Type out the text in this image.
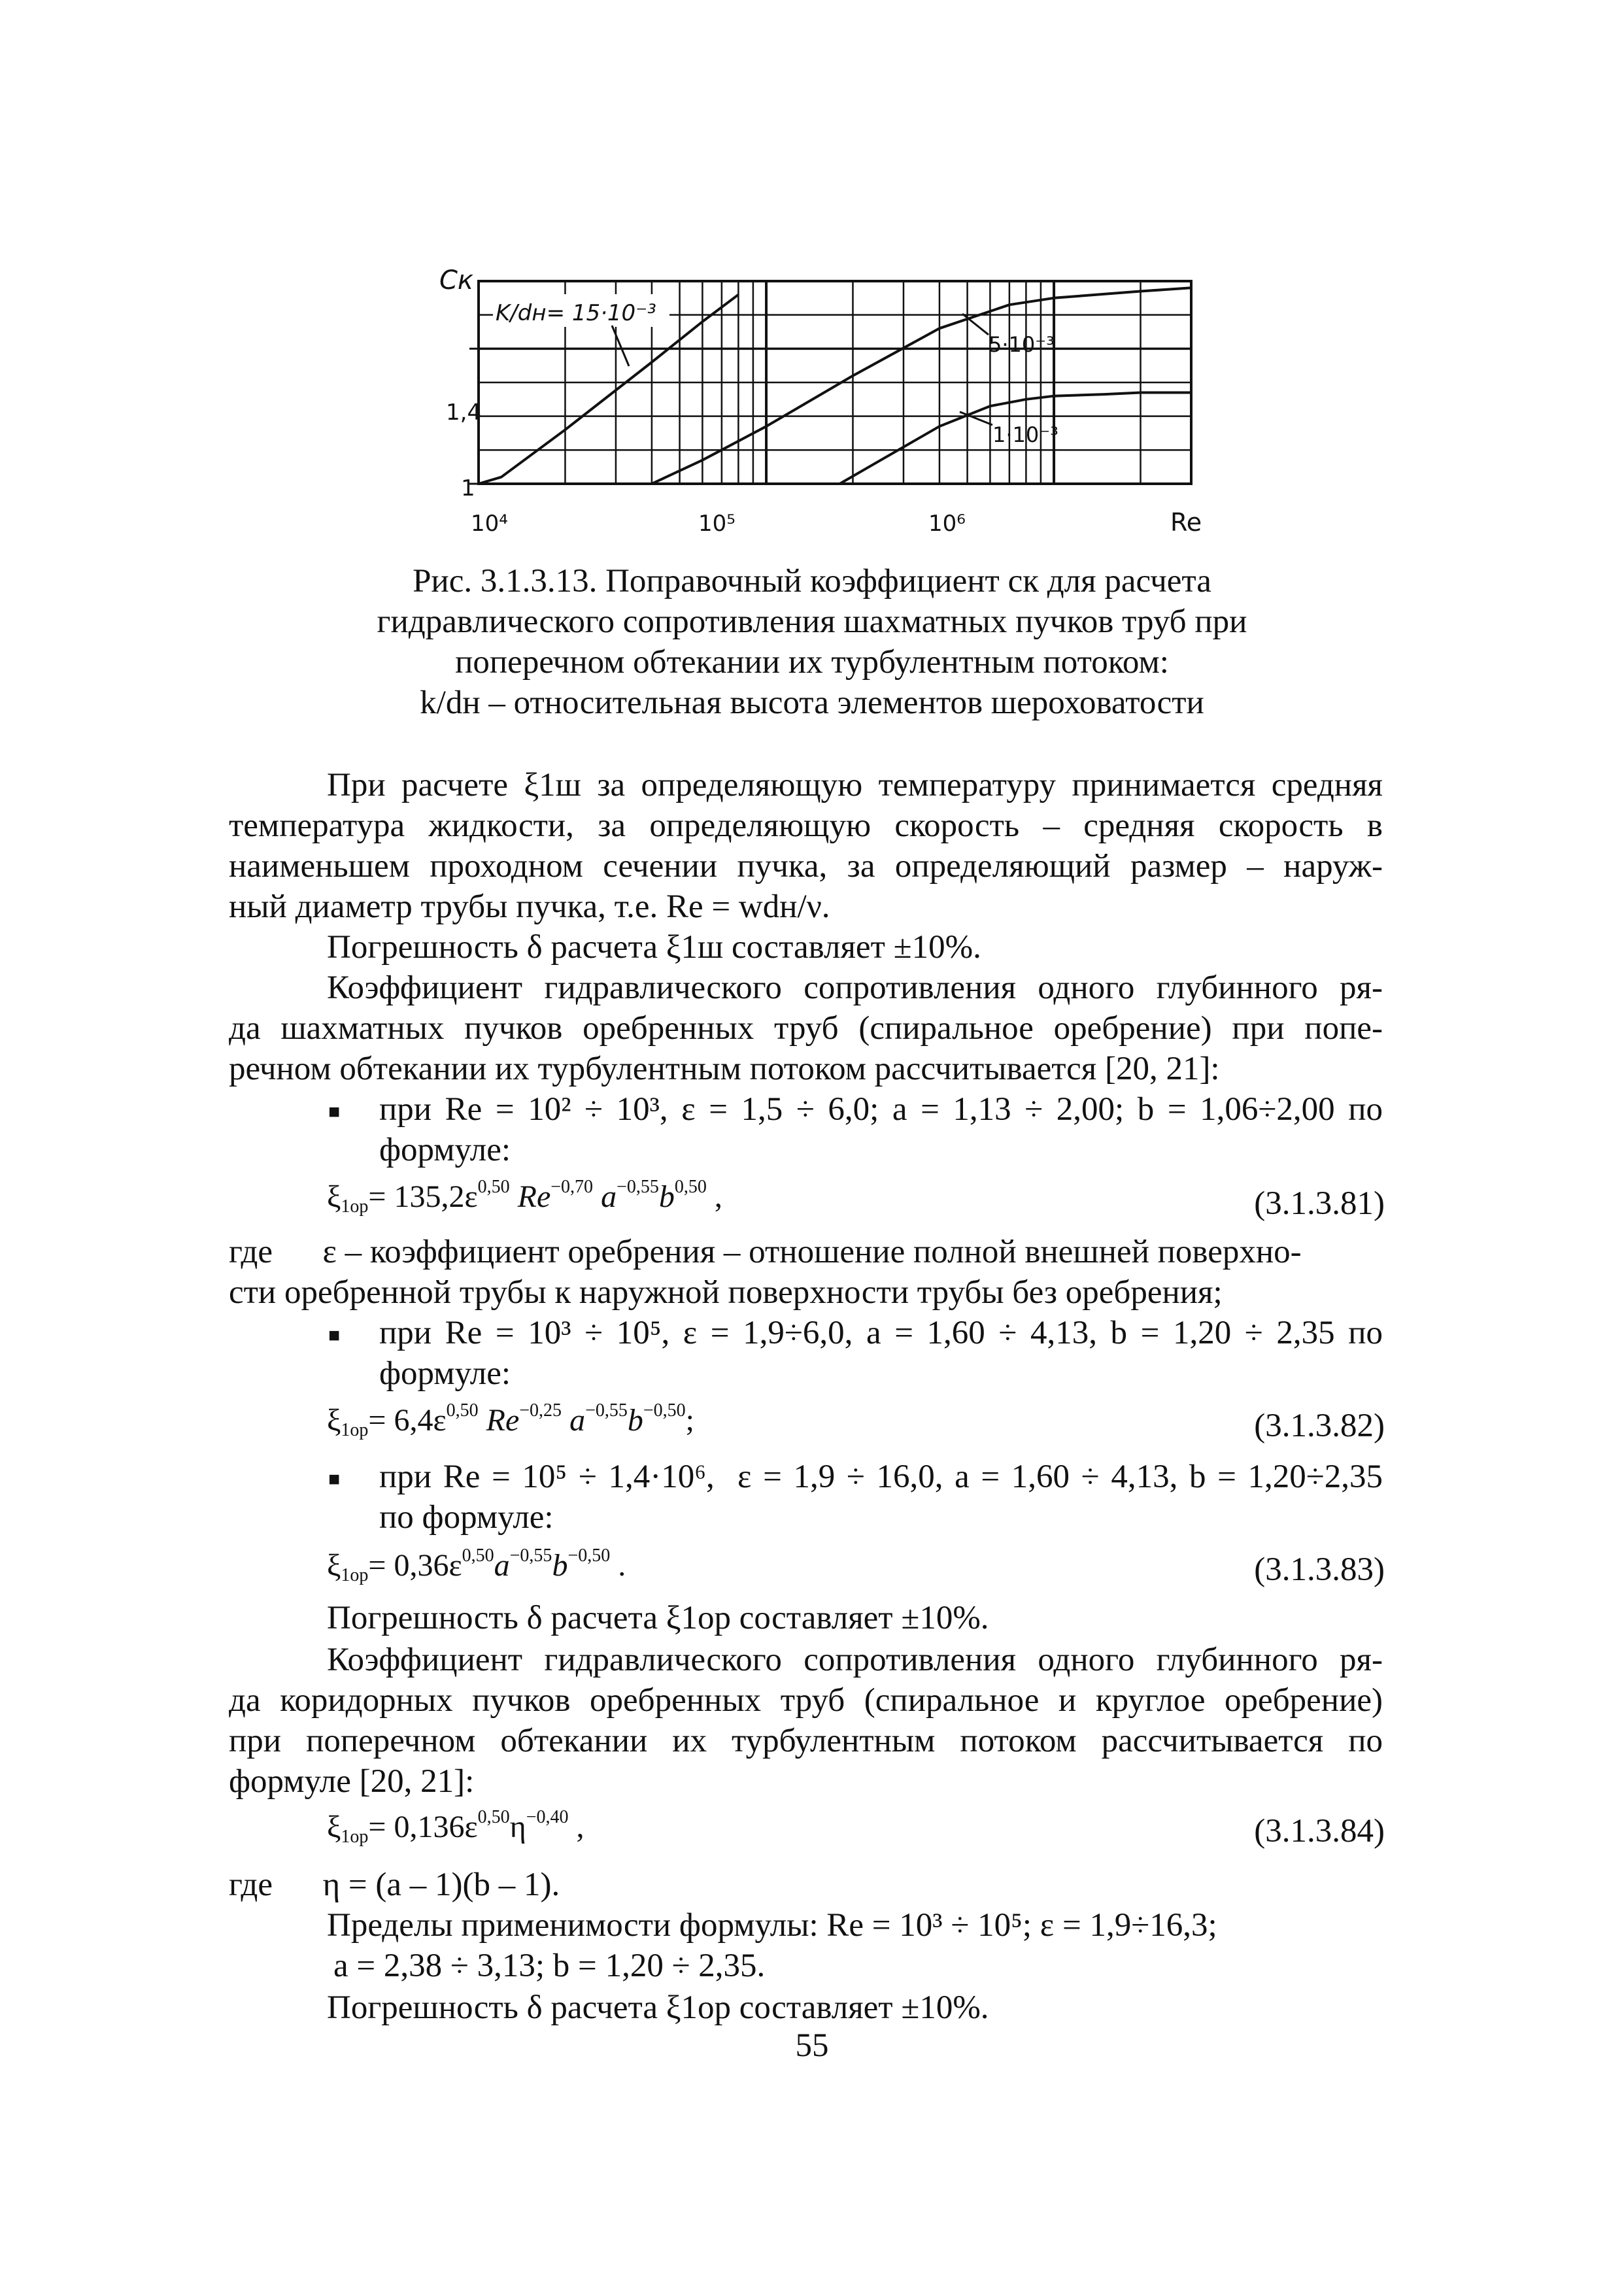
Cк
1,4
1
10⁴	10⁵	10⁶	Re
K/dн= 15·10⁻³
5·10⁻³
1·10⁻³
Рис. 3.1.3.13. Поправочный коэффициент cк для расчета
гидравлического сопротивления шахматных пучков труб при
поперечном обтекании их турбулентным потоком:
k/dн – относительная высота элементов шероховатости
При расчете ξ1ш за определяющую температуру принимается средняя
температура жидкости, за определяющую скорость – средняя скорость в
наименьшем проходном сечении пучка, за определяющий размер – наруж-
ный диаметр трубы пучка, т.е. Re = wdн/ν.
Погрешность δ расчета ξ1ш составляет ±10%.
Коэффициент гидравлического сопротивления одного глубинного ря-
да шахматных пучков оребренных труб (спиральное оребрение) при попе-
речном обтекании их турбулентным потоком рассчитывается [20, 21]:
■ при Re = 10² ÷ 10³, ε = 1,5 ÷ 6,0; a = 1,13 ÷ 2,00; b = 1,06÷2,00 по
формуле:
$\xi_{1ор}= 135,2\varepsilon^{0,50}$ $Re^{-0,70}$ $a^{-0,55}b^{0,50}$ ,	(3.1.3.81)
где      ε – коэффициент оребрения – отношение полной внешней поверхно-
сти оребренной трубы к наружной поверхности трубы без оребрения;
■ при Re = 10³ ÷ 10⁵, ε = 1,9÷6,0, a = 1,60 ÷ 4,13, b = 1,20 ÷ 2,35 по
формуле:
$\xi_{1ор}= 6,4\varepsilon^{0,50}$ $Re^{-0,25}$ $a^{-0,55}b^{-0,50}$;	(3.1.3.82)
■ при Re = 10⁵ ÷ 1,4·10⁶,  ε = 1,9 ÷ 16,0, a = 1,60 ÷ 4,13, b = 1,20÷2,35
по формуле:
$\xi_{1ор}= 0,36\varepsilon^{0,50}a^{-0,55}b^{-0,50}$ .	(3.1.3.83)
Погрешность δ расчета ξ1ор составляет ±10%.
Коэффициент гидравлического сопротивления одного глубинного ря-
да коридорных пучков оребренных труб (спиральное и круглое оребрение)
при поперечном обтекании их турбулентным потоком рассчитывается по
формуле [20, 21]:
$\xi_{1ор}= 0,136\varepsilon^{0,50}\eta^{-0,40}$ ,	(3.1.3.84)
где      η = (a – 1)(b – 1).
Пределы применимости формулы: Re = 10³ ÷ 10⁵; ε = 1,9÷16,3;
a = 2,38 ÷ 3,13; b = 1,20 ÷ 2,35.
Погрешность δ расчета ξ1ор составляет ±10%.
55
